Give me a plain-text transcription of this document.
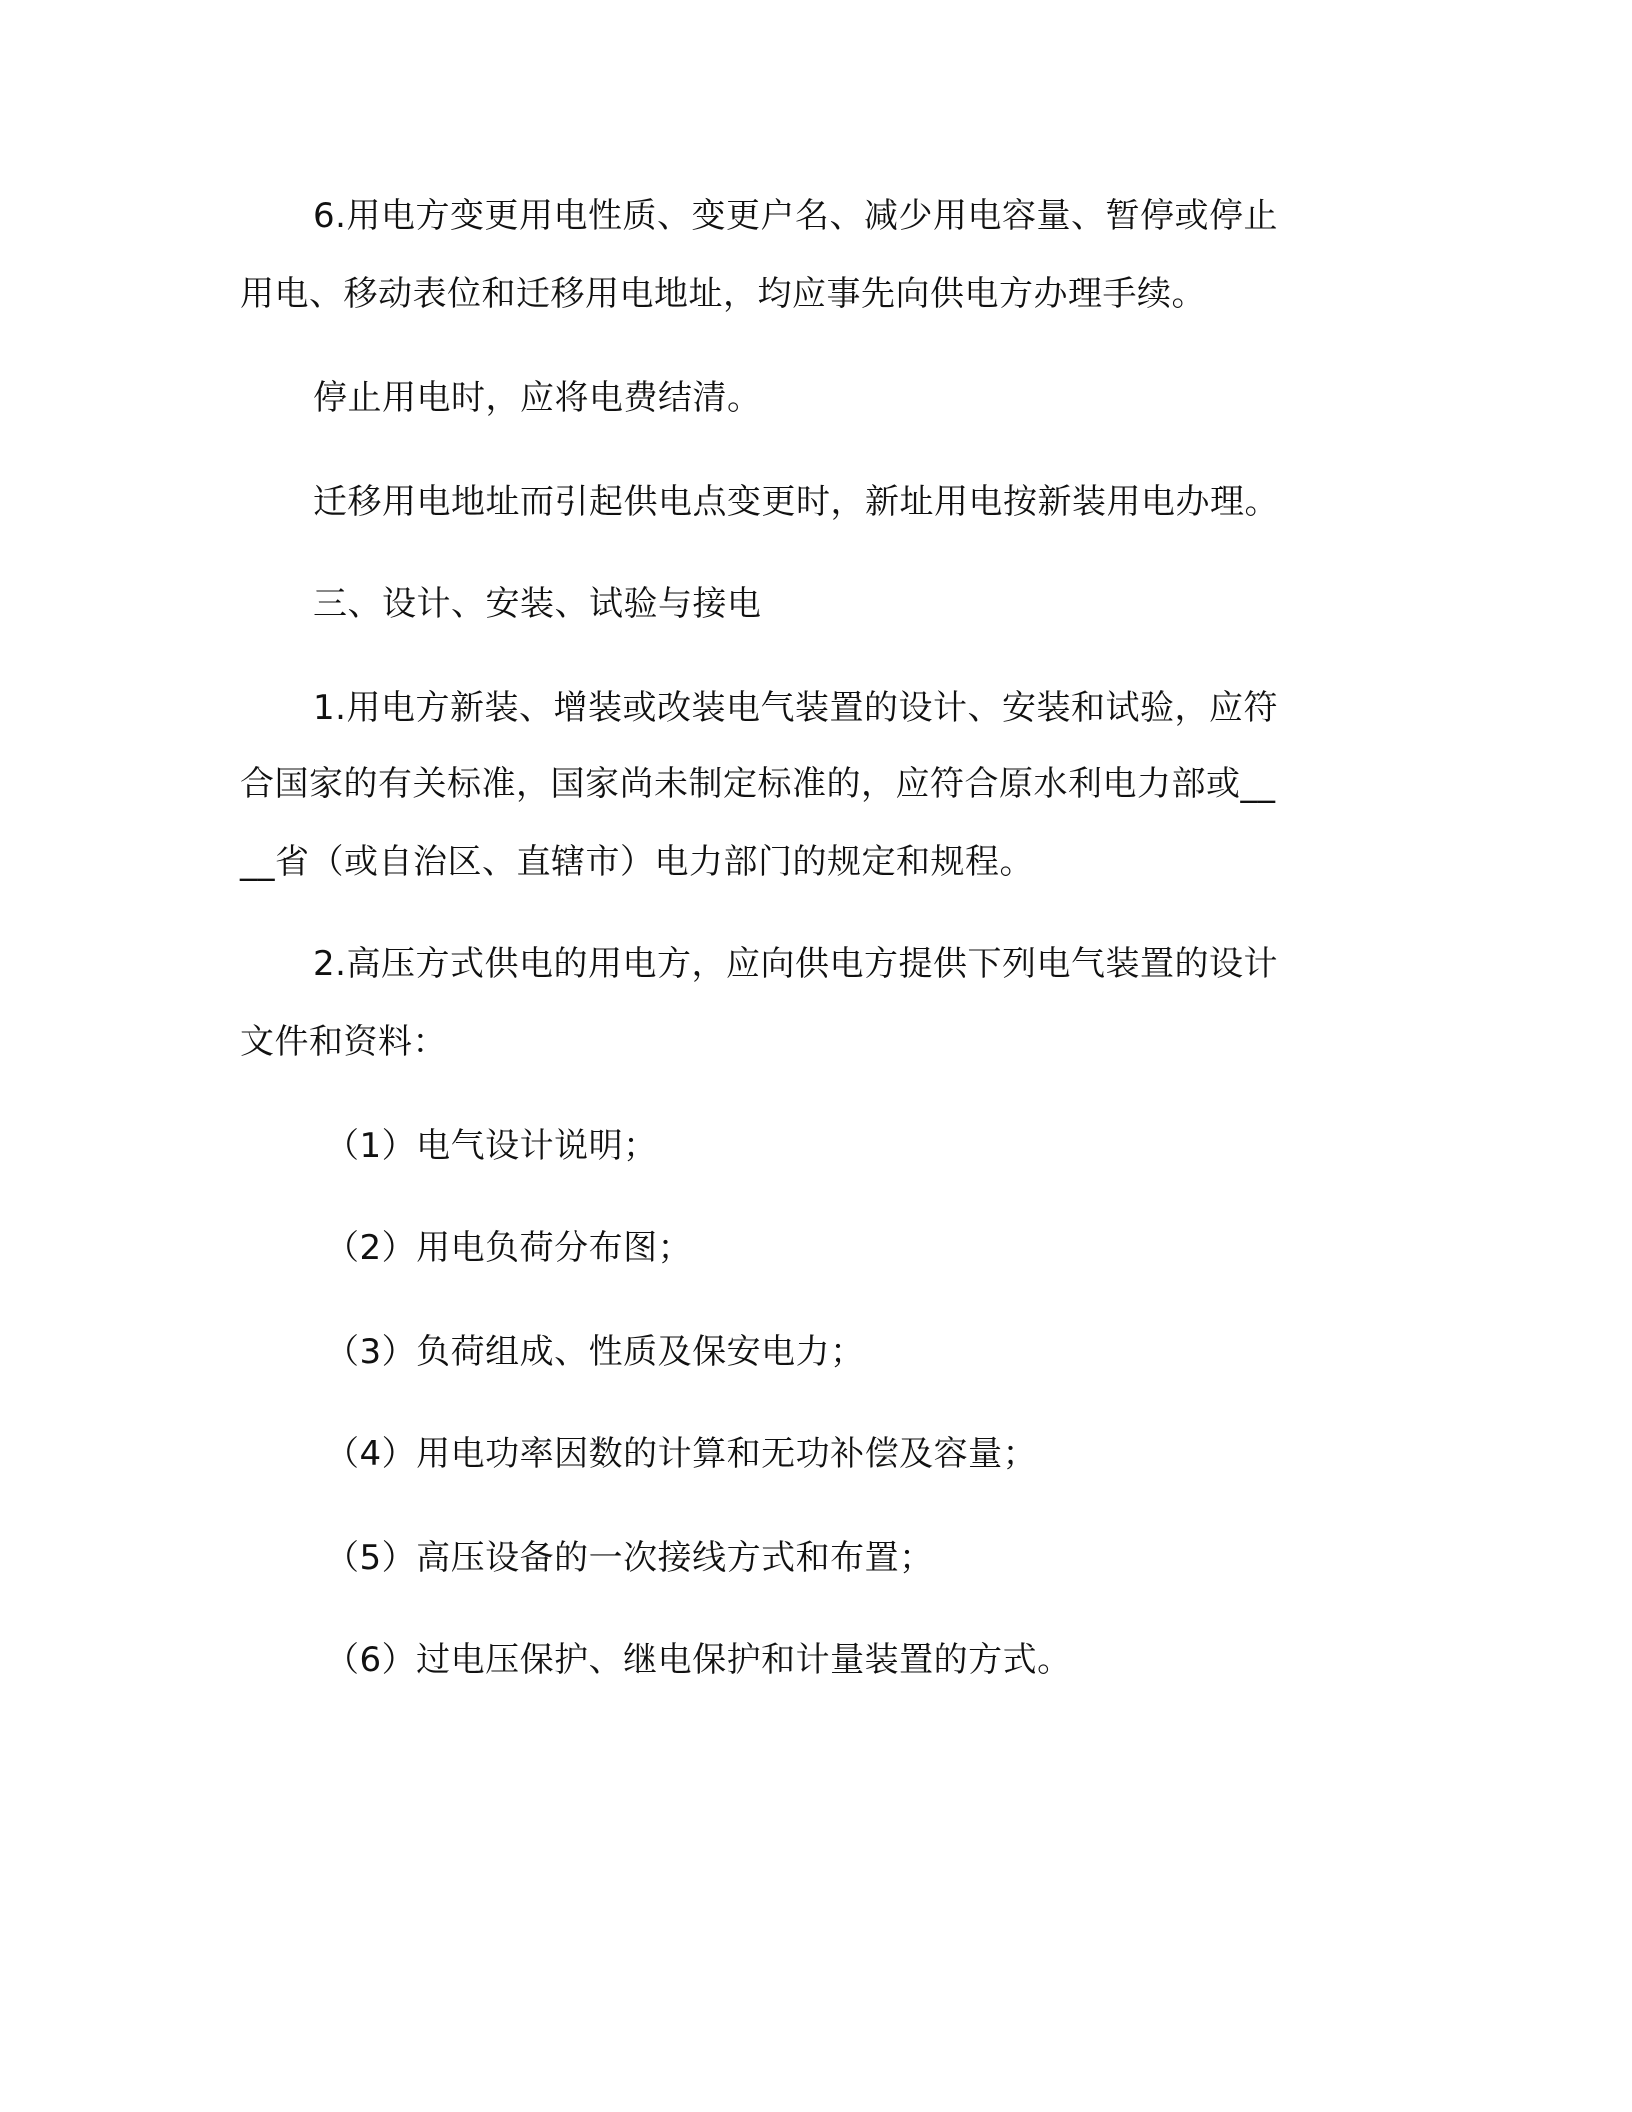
6.用电方变更用电性质、变更户名、减少用电容量、暂停或停止
用电、移动表位和迁移用电地址，均应事先向供电方办理手续。
停止用电时，应将电费结清。
迁移用电地址而引起供电点变更时，新址用电按新装用电办理。
三、设计、安装、试验与接电
1.用电方新装、增装或改装电气装置的设计、安装和试验，应符
合国家的有关标准，国家尚未制定标准的，应符合原水利电力部或__
__省（或自治区、直辖市）电力部门的规定和规程。
2.高压方式供电的用电方，应向供电方提供下列电气装置的设计
文件和资料：
（1）电气设计说明；
（2）用电负荷分布图；
（3）负荷组成、性质及保安电力；
（4）用电功率因数的计算和无功补偿及容量；
（5）高压设备的一次接线方式和布置；
（6）过电压保护、继电保护和计量装置的方式。
